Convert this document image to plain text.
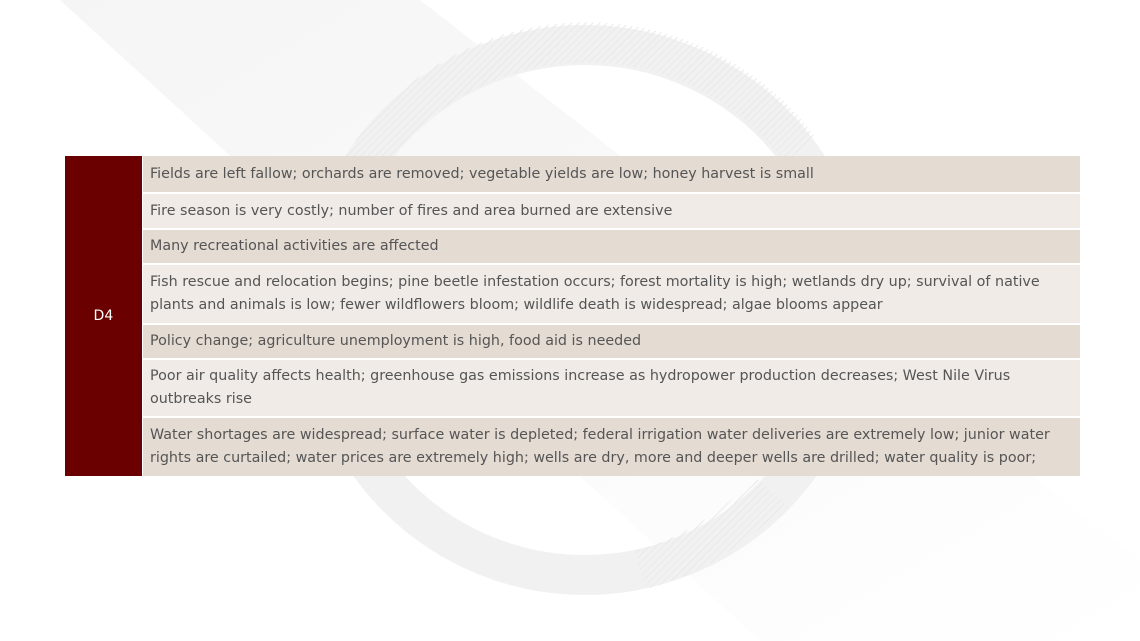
D4
Fields are left fallow; orchards are removed; vegetable yields are low; honey harvest is small
Fire season is very costly; number of fires and area burned are extensive
Many recreational activities are affected
Fish rescue and relocation begins; pine beetle infestation occurs; forest mortality is high; wetlands dry up; survival of native plants and animals is low; fewer wildflowers bloom; wildlife death is widespread; algae blooms appear
Policy change; agriculture unemployment is high, food aid is needed
Poor air quality affects health; greenhouse gas emissions increase as hydropower production decreases; West Nile Virus outbreaks rise
Water shortages are widespread; surface water is depleted; federal irrigation water deliveries are extremely low; junior water rights are curtailed; water prices are extremely high; wells are dry, more and deeper wells are drilled; water quality is poor;
